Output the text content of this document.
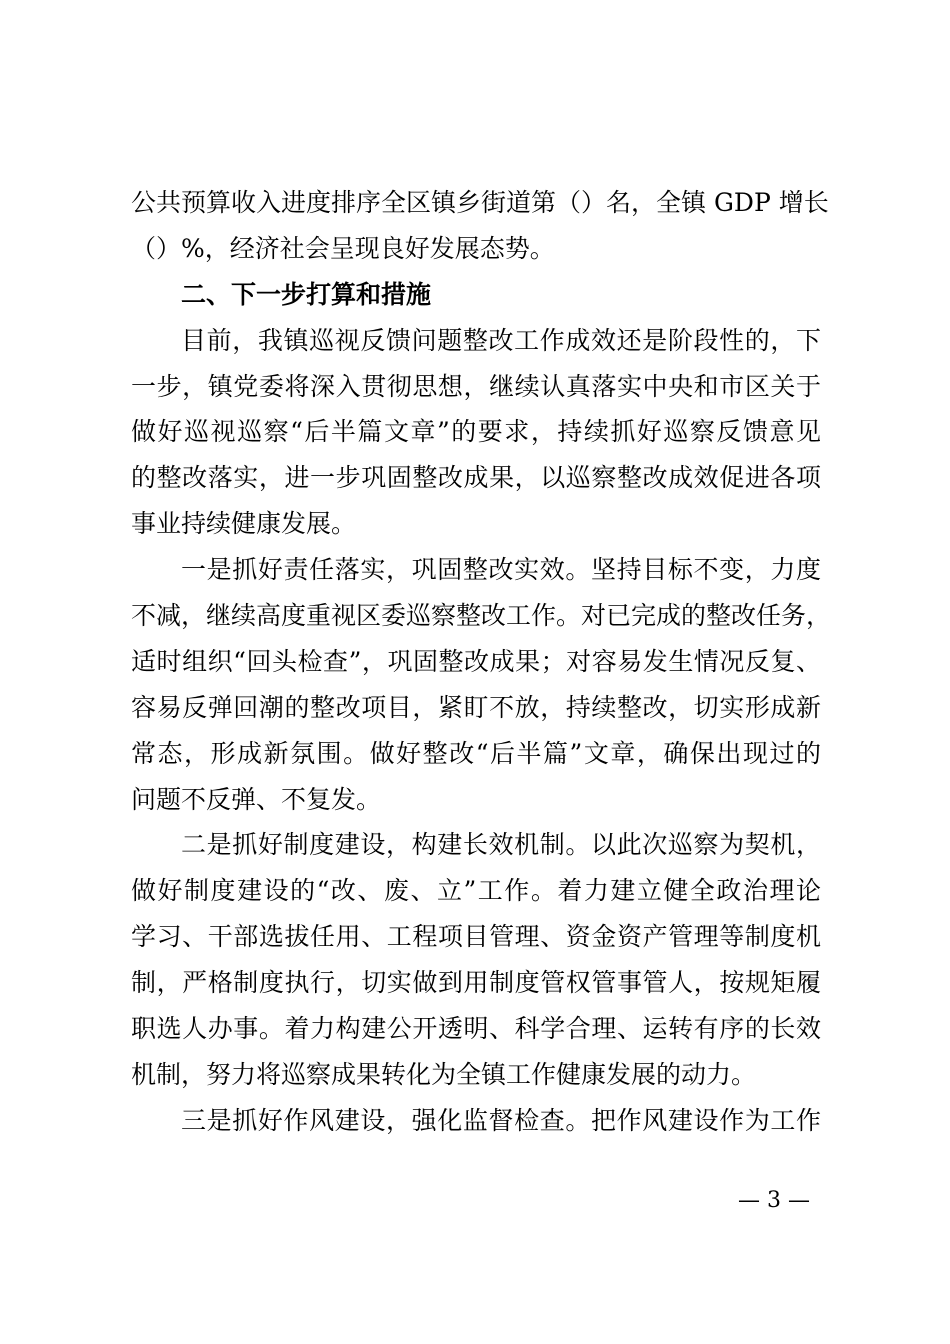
公共预算收入进度排序全区镇乡街道第（）名，全镇 GDP 增长
（）%，经济社会呈现良好发展态势。
二、下一步打算和措施
目前，我镇巡视反馈问题整改工作成效还是阶段性的，下
一步，镇党委将深入贯彻思想，继续认真落实中央和市区关于
做好巡视巡察“后半篇文章”的要求，持续抓好巡察反馈意见
的整改落实，进一步巩固整改成果，以巡察整改成效促进各项
事业持续健康发展。
一是抓好责任落实，巩固整改实效。坚持目标不变，力度
不减，继续高度重视区委巡察整改工作。对已完成的整改任务，
适时组织“回头检查”，巩固整改成果；对容易发生情况反复、
容易反弹回潮的整改项目，紧盯不放，持续整改，切实形成新
常态，形成新氛围。做好整改“后半篇”文章，确保出现过的
问题不反弹、不复发。
二是抓好制度建设，构建长效机制。以此次巡察为契机，
做好制度建设的“改、废、立”工作。着力建立健全政治理论
学习、干部选拔任用、工程项目管理、资金资产管理等制度机
制，严格制度执行，切实做到用制度管权管事管人，按规矩履
职选人办事。着力构建公开透明、科学合理、运转有序的长效
机制，努力将巡察成果转化为全镇工作健康发展的动力。
三是抓好作风建设，强化监督检查。把作风建设作为工作
— 3 —
